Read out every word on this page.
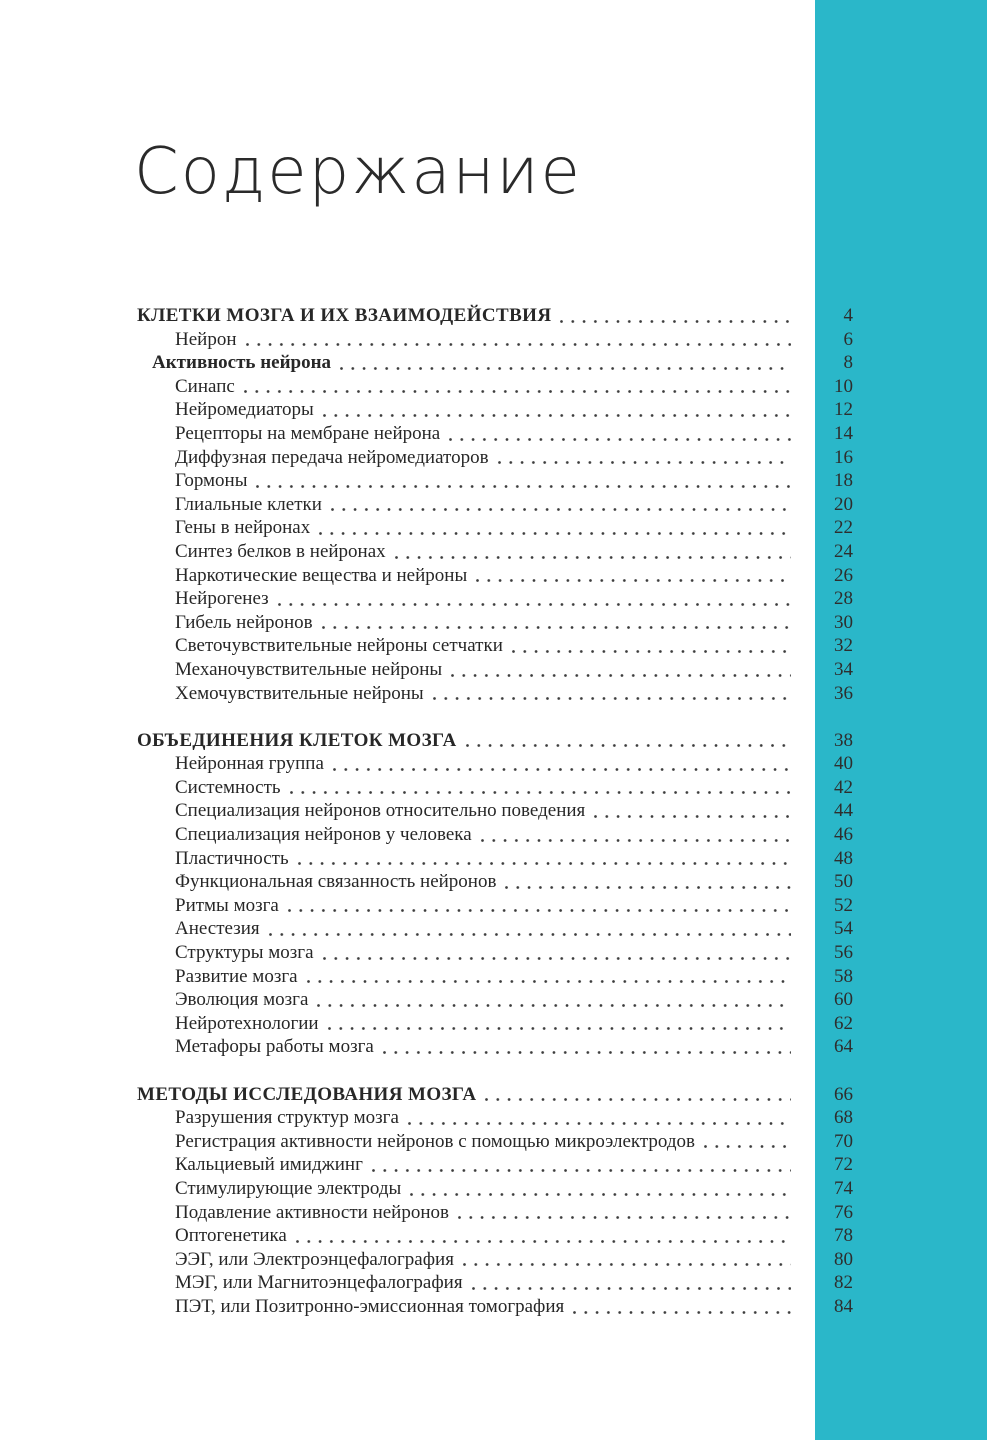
Содержание
КЛЕТКИ МОЗГА И ИХ ВЗАИМОДЕЙСТВИЯ	4
Нейрон	6
Активность нейрона	8
Синапс	10
Нейромедиаторы	12
Рецепторы на мембране нейрона	14
Диффузная передача нейромедиаторов	16
Гормоны	18
Глиальные клетки	20
Гены в нейронах	22
Синтез белков в нейронах	24
Наркотические вещества и нейроны	26
Нейрогенез	28
Гибель нейронов	30
Светочувствительные нейроны сетчатки	32
Механочувствительные нейроны	34
Хемочувствительные нейроны	36
ОБЪЕДИНЕНИЯ КЛЕТОК МОЗГА	38
Нейронная группа	40
Системность	42
Специализация нейронов относительно поведения	44
Специализация нейронов у человека	46
Пластичность	48
Функциональная связанность нейронов	50
Ритмы мозга	52
Анестезия	54
Структуры мозга	56
Развитие мозга	58
Эволюция мозга	60
Нейротехнологии	62
Метафоры работы мозга	64
МЕТОДЫ ИССЛЕДОВАНИЯ МОЗГА	66
Разрушения структур мозга	68
Регистрация активности нейронов с помощью микроэлектродов	70
Кальциевый имиджинг	72
Стимулирующие электроды	74
Подавление активности нейронов	76
Оптогенетика	78
ЭЭГ, или Электроэнцефалография	80
МЭГ, или Магнитоэнцефалография	82
ПЭТ, или Позитронно-эмиссионная томография	84
